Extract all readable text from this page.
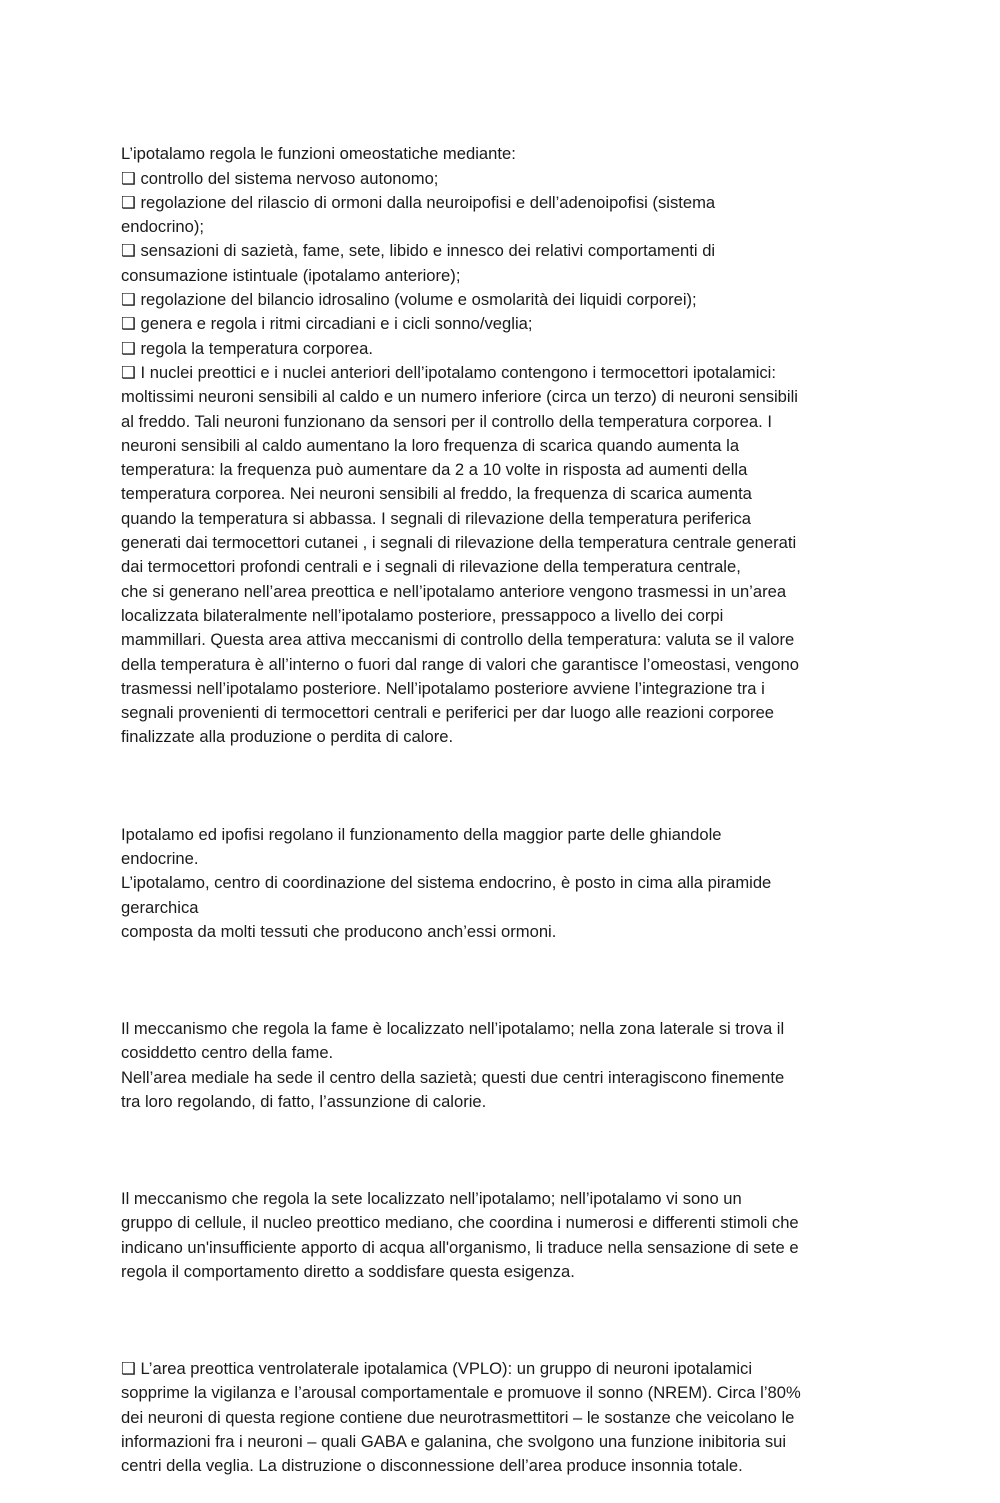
L’ipotalamo regola le funzioni omeostatiche mediante:
❑ controllo del sistema nervoso autonomo;
❑ regolazione del rilascio di ormoni dalla neuroipofisi e dell’adenoipofisi (sistema
endocrino);
❑ sensazioni di sazietà, fame, sete, libido e innesco dei relativi comportamenti di
consumazione istintuale (ipotalamo anteriore);
❑ regolazione del bilancio idrosalino (volume e osmolarità dei liquidi corporei);
❑ genera e regola i ritmi circadiani e i cicli sonno/veglia;
❑ regola la temperatura corporea.
❑ I nuclei preottici e i nuclei anteriori dell’ipotalamo contengono i termocettori ipotalamici:
moltissimi neuroni sensibili al caldo e un numero inferiore (circa un terzo) di neuroni sensibili
al freddo. Tali neuroni funzionano da sensori per il controllo della temperatura corporea. I
neuroni sensibili al caldo aumentano la loro frequenza di scarica quando aumenta la
temperatura: la frequenza può aumentare da 2 a 10 volte in risposta ad aumenti della
temperatura corporea. Nei neuroni sensibili al freddo, la frequenza di scarica aumenta
quando la temperatura si abbassa. I segnali di rilevazione della temperatura periferica
generati dai termocettori cutanei , i segnali di rilevazione della temperatura centrale generati
dai termocettori profondi centrali e i segnali di rilevazione della temperatura centrale,
che si generano nell’area preottica e nell’ipotalamo anteriore vengono trasmessi in un’area
localizzata bilateralmente nell’ipotalamo posteriore, pressappoco a livello dei corpi
mammillari. Questa area attiva meccanismi di controllo della temperatura: valuta se il valore
della temperatura è all’interno o fuori dal range di valori che garantisce l’omeostasi, vengono
trasmessi nell’ipotalamo posteriore. Nell’ipotalamo posteriore avviene l’integrazione tra i
segnali provenienti di termocettori centrali e periferici per dar luogo alle reazioni corporee
finalizzate alla produzione o perdita di calore.

Ipotalamo ed ipofisi regolano il funzionamento della maggior parte delle ghiandole
endocrine.
L’ipotalamo, centro di coordinazione del sistema endocrino, è posto in cima alla piramide
gerarchica
composta da molti tessuti che producono anch’essi ormoni.

Il meccanismo che regola la fame è localizzato nell’ipotalamo; nella zona laterale si trova il
cosiddetto centro della fame.
Nell’area mediale ha sede il centro della sazietà; questi due centri interagiscono finemente
tra loro regolando, di fatto, l’assunzione di calorie.

Il meccanismo che regola la sete localizzato nell’ipotalamo; nell’ipotalamo vi sono un
gruppo di cellule, il nucleo preottico mediano, che coordina i numerosi e differenti stimoli che
indicano un'insufficiente apporto di acqua all'organismo, li traduce nella sensazione di sete e
regola il comportamento diretto a soddisfare questa esigenza.

❑ L’area preottica ventrolaterale ipotalamica (VPLO): un gruppo di neuroni ipotalamici
sopprime la vigilanza e l’arousal comportamentale e promuove il sonno (NREM). Circa l’80%
dei neuroni di questa regione contiene due neurotrasmettitori – le sostanze che veicolano le
informazioni fra i neuroni – quali GABA e galanina, che svolgono una funzione inibitoria sui
centri della veglia. La distruzione o disconnessione dell’area produce insonnia totale.
